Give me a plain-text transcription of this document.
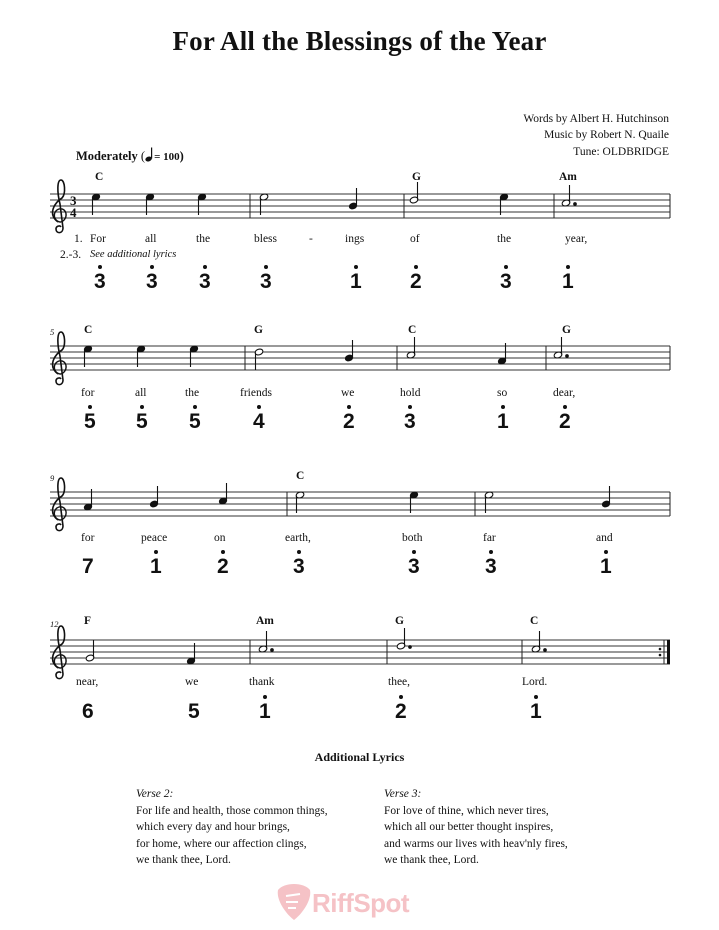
For All the Blessings of the Year
Words by Albert H. Hutchinson
Music by Robert N. Quaile
Tune: OLDBRIDGE
Moderately ( = 100)
3
4
C	G	Am
1.
2.-3. See additional lyrics
For	all	the	bless	-	ings	of	the	year,
3 3 3 3	1 2	3 1
5	C	G	C	G
for	all	the	friends	we	hold	so	dear,
5 5 5 4	2 3	1 2
9	C
for	peace	on	earth,	both	far	and
7	1	2	3	3	3	1
12 F	Am	G	C
near,	we	thank	thee,	Lord.
6	5	1	2	1
Additional Lyrics
Verse 2:
For life and health, those common things,
which every day and hour brings,
for home, where our affection clings,
we thank thee, Lord.
Verse 3:
For love of thine, which never tires,
which all our better thought inspires,
and warms our lives with heav'nly fires,
we thank thee, Lord.
RiffSpot
